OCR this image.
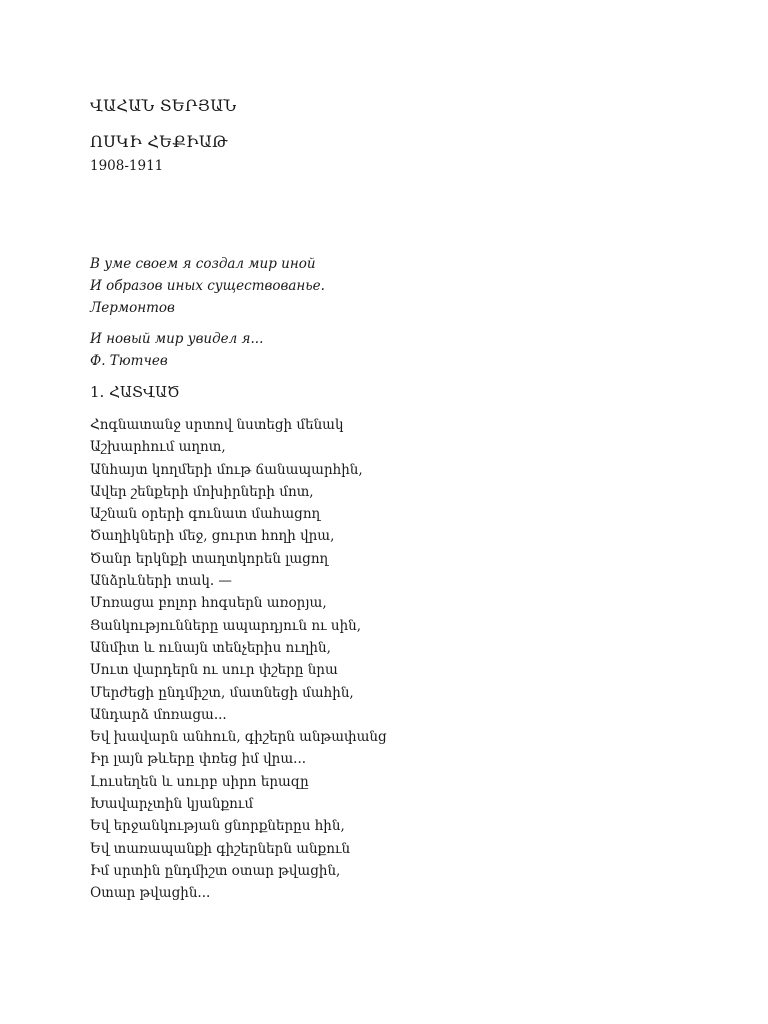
ՎԱՀԱՆ ՏԵՐՅԱՆ
ՈՍԿԻ ՀԵՔԻԱԹ
1908-1911
В уме своем я создал мир иной
И образов иных существованье.
Лермонтов
И новый мир увидел я...
Ф. Тютчев
1. ՀԱՏՎԱԾ
Հոգնատանջ սրտով նստեցի մենակ
Աշխարհում աղոտ,
Անհայտ կողմերի մութ ճանապարհին,
Ավեր շենքերի մոխիրների մոտ,
Աշնան օրերի գունատ մահացող
Ծաղիկների մեջ, ցուրտ հողի վրա,
Ծանր երկնքի տաղտկորեն լացող
Անձրևների տակ. —
Մոռացա բոլոր հոգսերն առօրյա,
Ցանկությունները ապարդյուն ու սին,
Անմիտ և ունայն տենչերիս ուղին,
Սուտ վարդերն ու սուր փշերը նրա
Մերժեցի ընդմիշտ, մատնեցի մահին,
Անդարձ մոռացա...
Եվ խավարն անհուն, գիշերն անթափանց
Իր լայն թևերը փռեց իմ վրա...
Լուսեղեն և սուրբ սիրո երազը
Խավարչտին կյանքում
Եվ երջանկության ցնորքներըս հին,
Եվ տառապանքի գիշերներն անքուն
Իմ սրտին ընդմիշտ օտար թվացին,
Օտար թվացին...
